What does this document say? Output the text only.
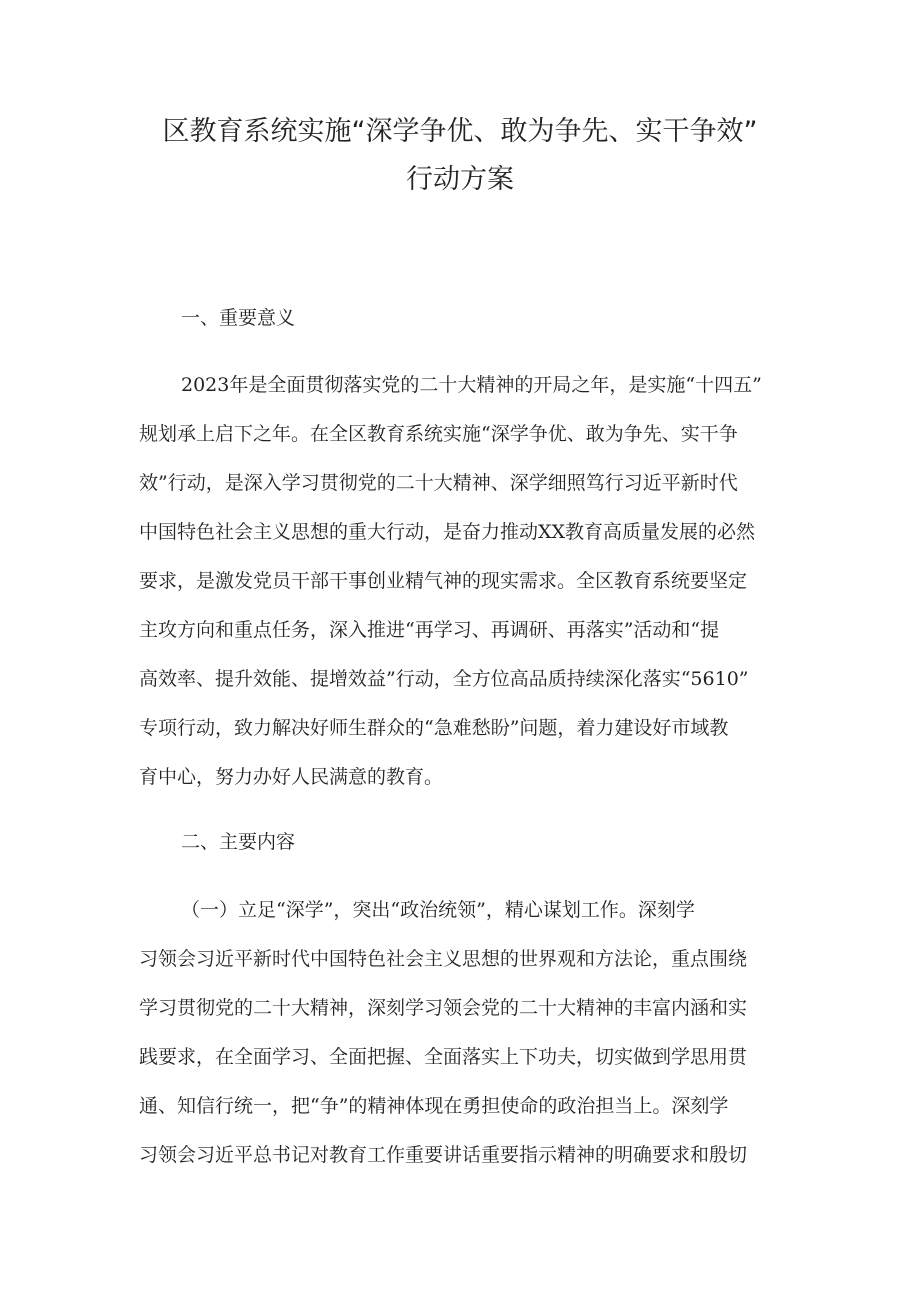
区教育系统实施“深学争优、敢为争先、实干争效”
行动方案
一、重要意义
2023年是全面贯彻落实党的二十大精神的开局之年，是实施“十四五”
规划承上启下之年。在全区教育系统实施“深学争优、敢为争先、实干争
效”行动，是深入学习贯彻党的二十大精神、深学细照笃行习近平新时代
中国特色社会主义思想的重大行动，是奋力推动XX教育高质量发展的必然
要求，是激发党员干部干事创业精气神的现实需求。全区教育系统要坚定
主攻方向和重点任务，深入推进“再学习、再调研、再落实”活动和“提
高效率、提升效能、提增效益”行动，全方位高品质持续深化落实“5610”
专项行动，致力解决好师生群众的“急难愁盼”问题，着力建设好市域教
育中心，努力办好人民满意的教育。
二、主要内容
（一）立足“深学”，突出“政治统领”，精心谋划工作。深刻学
习领会习近平新时代中国特色社会主义思想的世界观和方法论，重点围绕
学习贯彻党的二十大精神，深刻学习领会党的二十大精神的丰富内涵和实
践要求，在全面学习、全面把握、全面落实上下功夫，切实做到学思用贯
通、知信行统一，把“争”的精神体现在勇担使命的政治担当上。深刻学
习领会习近平总书记对教育工作重要讲话重要指示精神的明确要求和殷切
